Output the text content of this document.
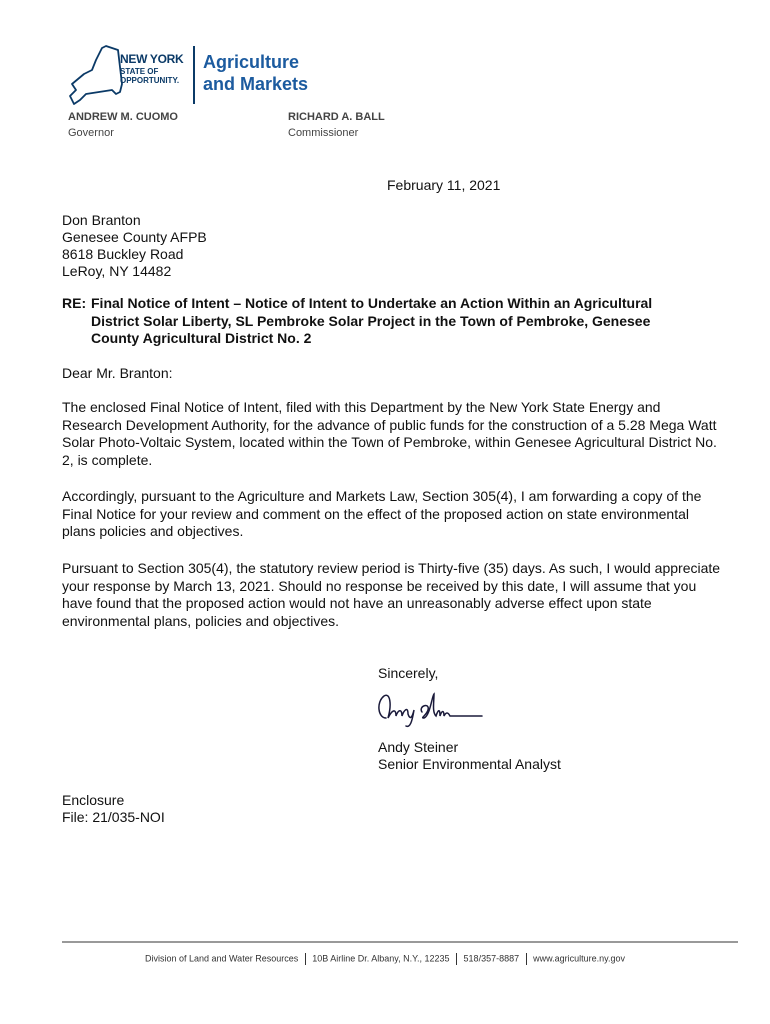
NEW YORK
STATE OF
OPPORTUNITY.
Agriculture
and Markets
ANDREW M. CUOMO
Governor
RICHARD A. BALL
Commissioner
February 11, 2021
Don Branton
Genesee County AFPB
8618 Buckley Road
LeRoy, NY 14482
RE: Final Notice of Intent – Notice of Intent to Undertake an Action Within an Agricultural
District Solar Liberty, SL Pembroke Solar Project in the Town of Pembroke, Genesee
County Agricultural District No. 2
Dear Mr. Branton:
The enclosed Final Notice of Intent, filed with this Department by the New York State Energy and Research Development Authority, for the advance of public funds for the construction of a 5.28 Mega Watt Solar Photo-Voltaic System, located within the Town of Pembroke, within Genesee Agricultural District No. 2, is complete.
Accordingly, pursuant to the Agriculture and Markets Law, Section 305(4), I am forwarding a copy of the Final Notice for your review and comment on the effect of the proposed action on state environmental plans policies and objectives.
Pursuant to Section 305(4), the statutory review period is Thirty-five (35) days. As such, I would appreciate your response by March 13, 2021. Should no response be received by this date, I will assume that you have found that the proposed action would not have an unreasonably adverse effect upon state environmental plans, policies and objectives.
Sincerely,
Andy Steiner
Senior Environmental Analyst
Enclosure
File: 21/035-NOI
Division of Land and Water Resources 10B Airline Dr. Albany, N.Y., 12235 518/357-8887 www.agriculture.ny.gov
